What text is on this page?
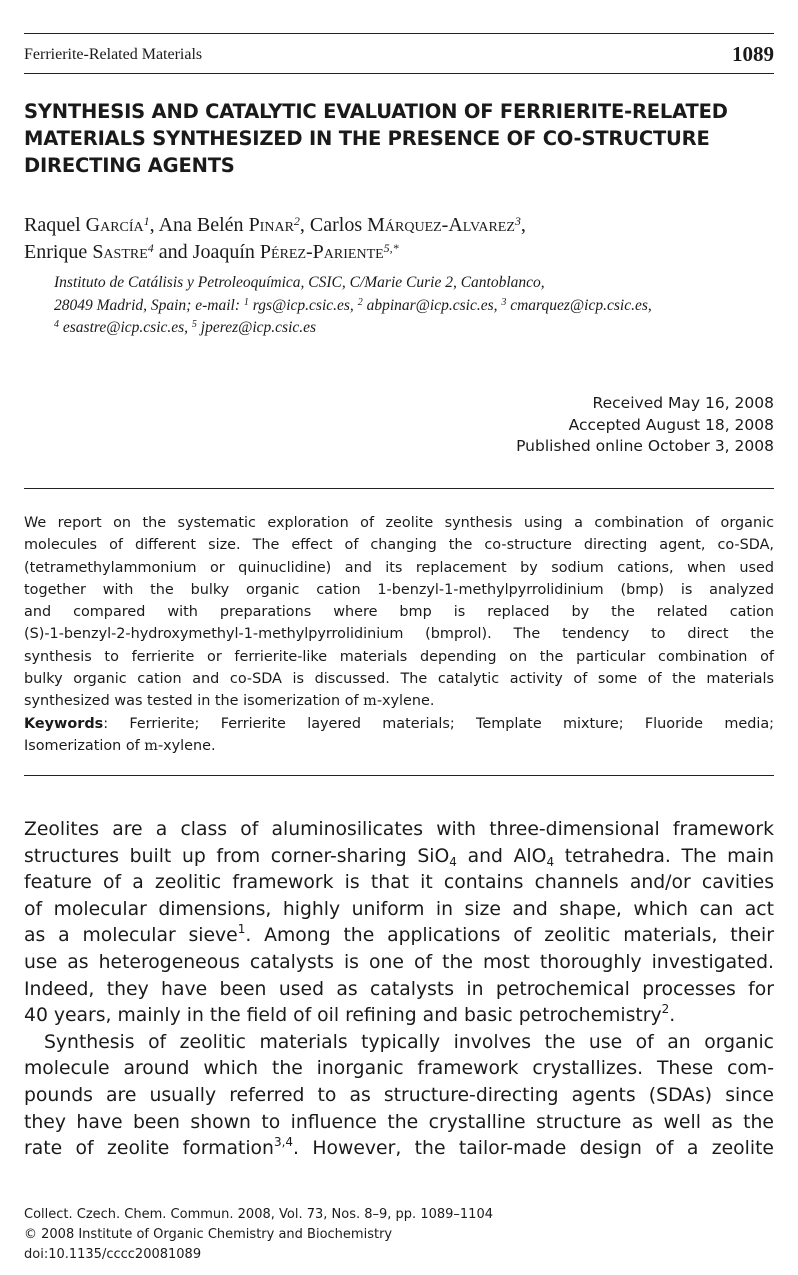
Ferrierite-Related Materials	1089
SYNTHESIS AND CATALYTIC EVALUATION OF FERRIERITE-RELATED
MATERIALS SYNTHESIZED IN THE PRESENCE OF CO-STRUCTURE
DIRECTING AGENTS
Raquel García$^1$, Ana Belén Pinar$^2$, Carlos Márquez-Alvarez$^3$,
Enrique Sastre$^4$ and Joaquín Pérez-Pariente$^{5,*}$
Instituto de Catálisis y Petroleoquímica, CSIC, C/Marie Curie 2, Cantoblanco,
28049 Madrid, Spain; e-mail: $^1$ rgs@icp.csic.es, $^2$ abpinar@icp.csic.es, $^3$ cmarquez@icp.csic.es,
$^4$ esastre@icp.csic.es, $^5$ jperez@icp.csic.es
Received May 16, 2008
Accepted August 18, 2008
Published online October 3, 2008
We report on the systematic exploration of zeolite synthesis using a combination of organic
molecules of different size. The effect of changing the co-structure directing agent, co-SDA,
(tetramethylammonium or quinuclidine) and its replacement by sodium cations, when used
together with the bulky organic cation 1-benzyl-1-methylpyrrolidinium (bmp) is analyzed
and compared with preparations where bmp is replaced by the related cation
(S)-1-benzyl-2-hydroxymethyl-1-methylpyrrolidinium (bmprol). The tendency to direct the
synthesis to ferrierite or ferrierite-like materials depending on the particular combination of
bulky organic cation and co-SDA is discussed. The catalytic activity of some of the materials
synthesized was tested in the isomerization of m-xylene.
Keywords: Ferrierite; Ferrierite layered materials; Template mixture; Fluoride media;
Isomerization of m-xylene.
Zeolites are a class of aluminosilicates with three-dimensional framework
structures built up from corner-sharing SiO$_4$ and AlO$_4$ tetrahedra. The main
feature of a zeolitic framework is that it contains channels and/or cavities
of molecular dimensions, highly uniform in size and shape, which can act
as a molecular sieve$^1$. Among the applications of zeolitic materials, their
use as heterogeneous catalysts is one of the most thoroughly investigated.
Indeed, they have been used as catalysts in petrochemical processes for
40 years, mainly in the field of oil refining and basic petrochemistry$^2$.
Synthesis of zeolitic materials typically involves the use of an organic
molecule around which the inorganic framework crystallizes. These com-
pounds are usually referred to as structure-directing agents (SDAs) since
they have been shown to influence the crystalline structure as well as the
rate of zeolite formation$^{3,4}$. However, the tailor-made design of a zeolite
Collect. Czech. Chem. Commun. 2008, Vol. 73, Nos. 8–9, pp. 1089–1104
© 2008 Institute of Organic Chemistry and Biochemistry
doi:10.1135/cccc20081089
